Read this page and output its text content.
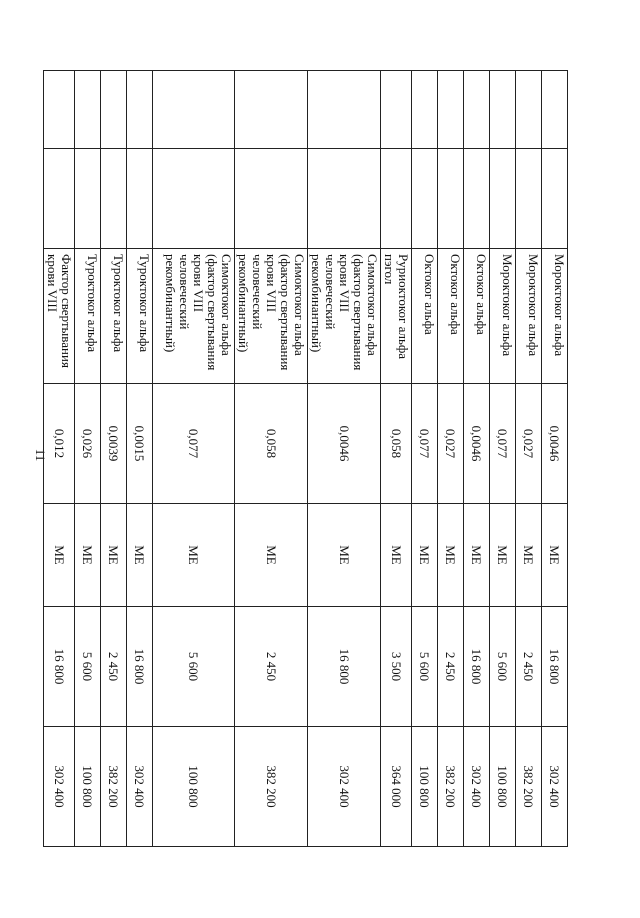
11
		Мороктоког альфа	0,0046	МЕ	16 800	302 400
		Мороктоког альфа	0,027	МЕ	2 450	382 200
		Мороктоког альфа	0,077	МЕ	5 600	100 800
		Октоког альфа	0,0046	МЕ	16 800	302 400
		Октоког альфа	0,027	МЕ	2 450	382 200
		Октоког альфа	0,077	МЕ	5 600	100 800
		Руриоктоког альфа пэгол	0,058	МЕ	3 500	364 000
		Симоктоког альфа (фактор свертывания крови VIII человеческий рекомбинантный)	0,0046	МЕ	16 800	302 400
		Симоктоког альфа (фактор свертывания крови VIII человеческий рекомбинантный)	0,058	МЕ	2 450	382 200
		Симоктоког альфа (фактор свертывания крови VIII человеческий рекомбинантный)	0,077	МЕ	5 600	100 800
		Туроктоког альфа	0,0015	МЕ	16 800	302 400
		Туроктоког альфа	0,0039	МЕ	2 450	382 200
		Туроктоког альфа	0,026	МЕ	5 600	100 800
		Фактор свертывания крови VIII	0,012	МЕ	16 800	302 400
